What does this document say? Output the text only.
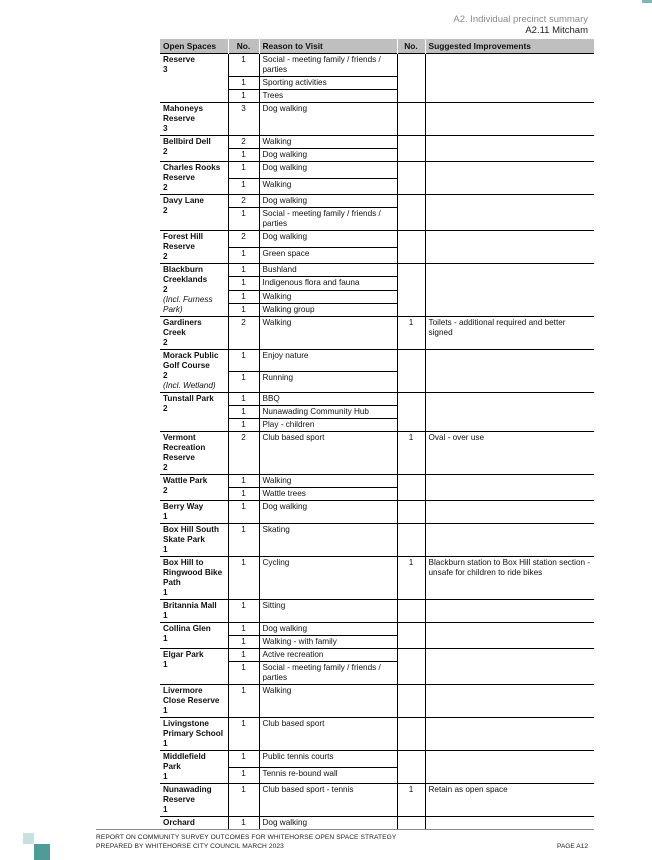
A2. Individual precinct summary
A2.11 Mitcham
Open Spaces	No.	Reason to Visit	No.	Suggested Improvements

Reserve
3	1	Social - meeting family / friends / parties		
	1	Sporting activities		
	1	Trees		

Mahoneys Reserve
3	3	Dog walking		

Bellbird Dell
2	2	Walking		
	1	Dog walking		

Charles Rooks Reserve
2	1	Dog walking		
	1	Walking		

Davy Lane
2	2	Dog walking		
	1	Social - meeting family / friends / parties		

Forest Hill Reserve
2	2	Dog walking		
	1	Green space		

Blackburn Creeklands
2
(Incl. Furness Park)	1	Bushland		
	1	Indigenous flora and fauna		
	1	Walking		
	1	Walking group		

Gardiners Creek
2	2	Walking	1	Toilets - additional required and better signed

Morack Public Golf Course
2
(Incl. Wetland)	1	Enjoy nature		
	1	Running		

Tunstall Park
2	1	BBQ		
	1	Nunawading Community Hub		
	1	Play - children		

Vermont Recreation Reserve
2	2	Club based sport	1	Oval - over use

Wattle Park
2	1	Walking		
	1	Wattle trees		

Berry Way
1	1	Dog walking		

Box Hill South Skate Park
1	1	Skating		

Box Hill to Ringwood Bike Path
1	1	Cycling	1	Blackburn station to Box Hill station section - unsafe for children to ride bikes

Britannia Mall
1	1	Sitting		

Collina Glen
1	1	Dog walking		
	1	Walking - with family		

Elgar Park
1	1	Active recreation		
	1	Social - meeting family / friends / parties		

Livermore Close Reserve
1	1	Walking		

Livingstone Primary School
1	1	Club based sport		

Middlefield Park
1	1	Public tennis courts		
	1	Tennis re-bound wall		

Nunawading Reserve
1	1	Club based sport - tennis	1	Retain as open space

Orchard	1	Dog walking		
REPORT ON COMMUNITY SURVEY OUTCOMES FOR WHITEHORSE OPEN SPACE STRATEGY
PREPARED BY WHITEHORSE CITY COUNCIL MARCH 2023	PAGE A12
